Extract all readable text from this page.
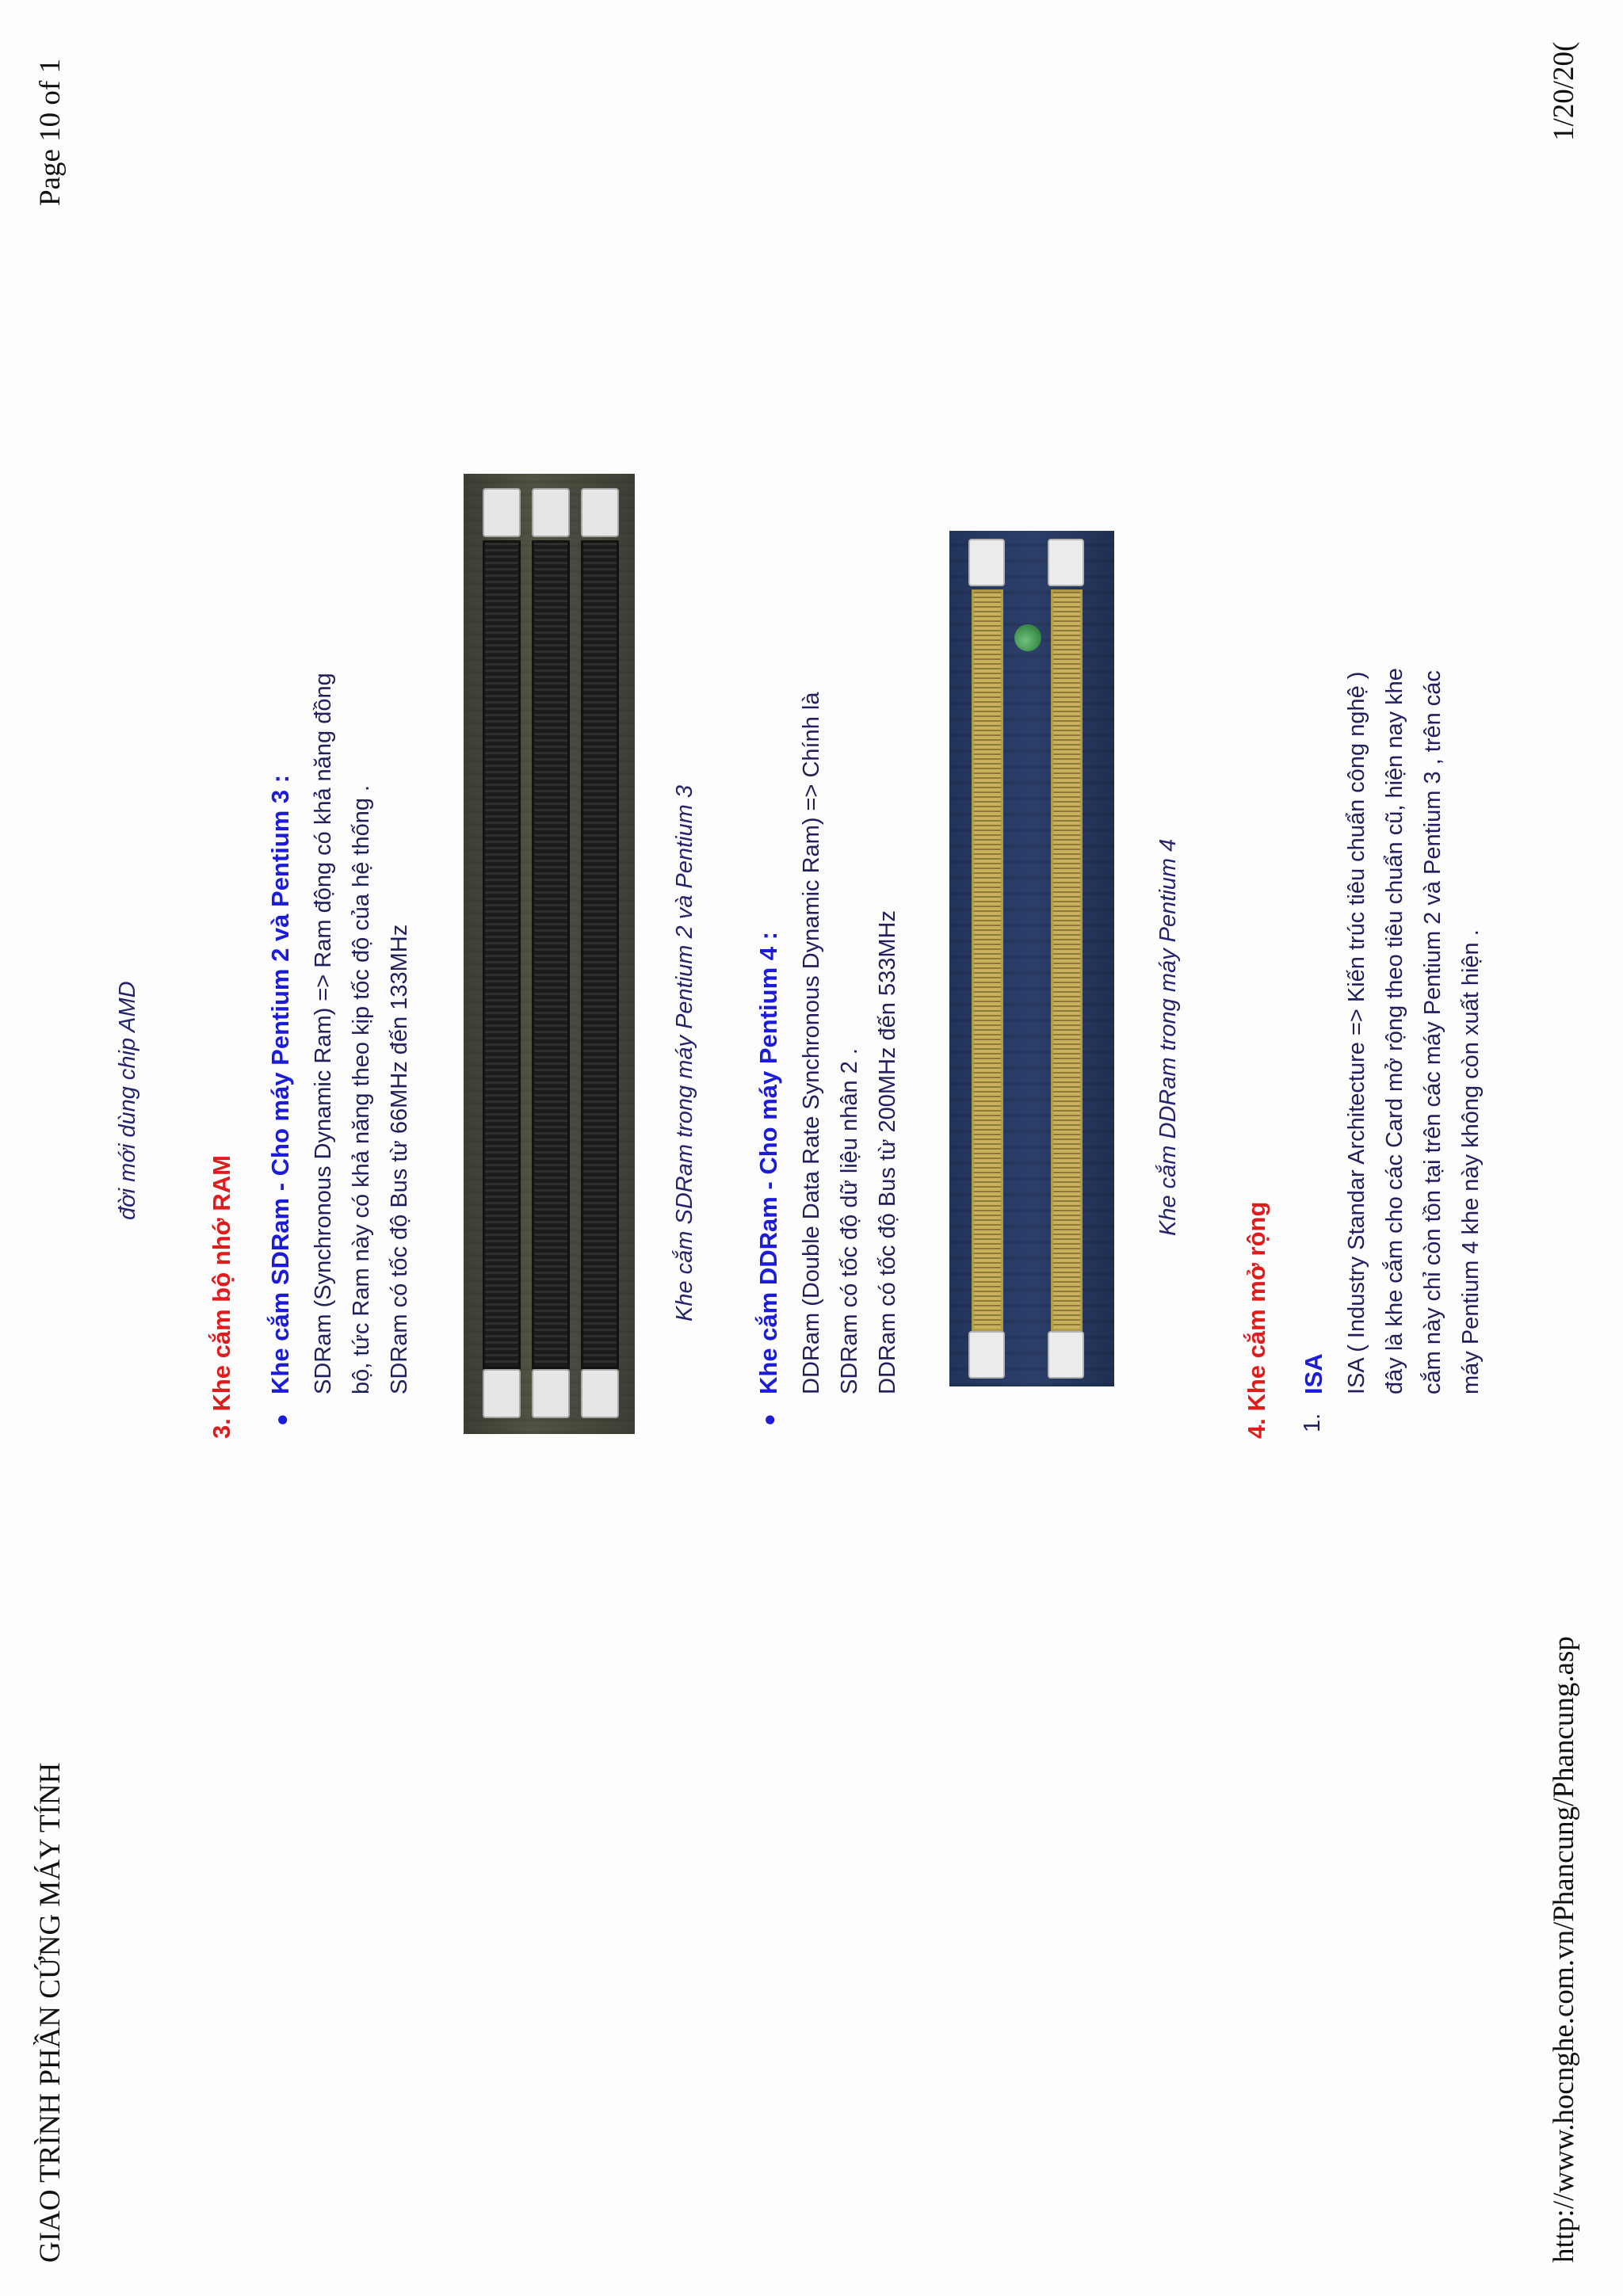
GIAO TRÌNH PHẦN CỨNG MÁY TÍNH
Page 10 of 1
http://www.hocnghe.com.vn/Phancung/Phancung.asp
1/20/20(
đời mới dùng chip AMD
3. Khe cắm bộ nhớ RAM ●
Khe cắm SDRam - Cho máy Pentium 2 và Pentium 3 : SDRam (Synchronous Dynamic Ram) => Ram động có khả năng đồng bộ, tức Ram này có khả năng theo kịp tốc độ của hệ thống . SDRam có tốc độ Bus từ 66MHz đến 133MHz	Khe cắm SDRam trong máy Pentium 2 và Pentium 3
●
Khe cắm DDRam - Cho máy Pentium 4 : DDRam (Double Data Rate Synchronous Dynamic Ram) => Chính là SDRam có tốc độ dữ liệu nhân 2 . DDRam có tốc độ Bus từ 200MHz đến 533MHz	Khe cắm DDRam trong máy Pentium 4
4. Khe cắm mở rộng 1.
ISA ISA ( Industry Standar Architecture => Kiến trúc tiêu chuẩn công nghệ ) đây là khe cắm cho các Card mở rộng theo tiêu chuẩn cũ, hiện nay khe cắm này chỉ còn tồn tại trên các máy Pentium 2 và Pentium 3 , trên các máy Pentium 4 khe này không còn xuất hiện .
